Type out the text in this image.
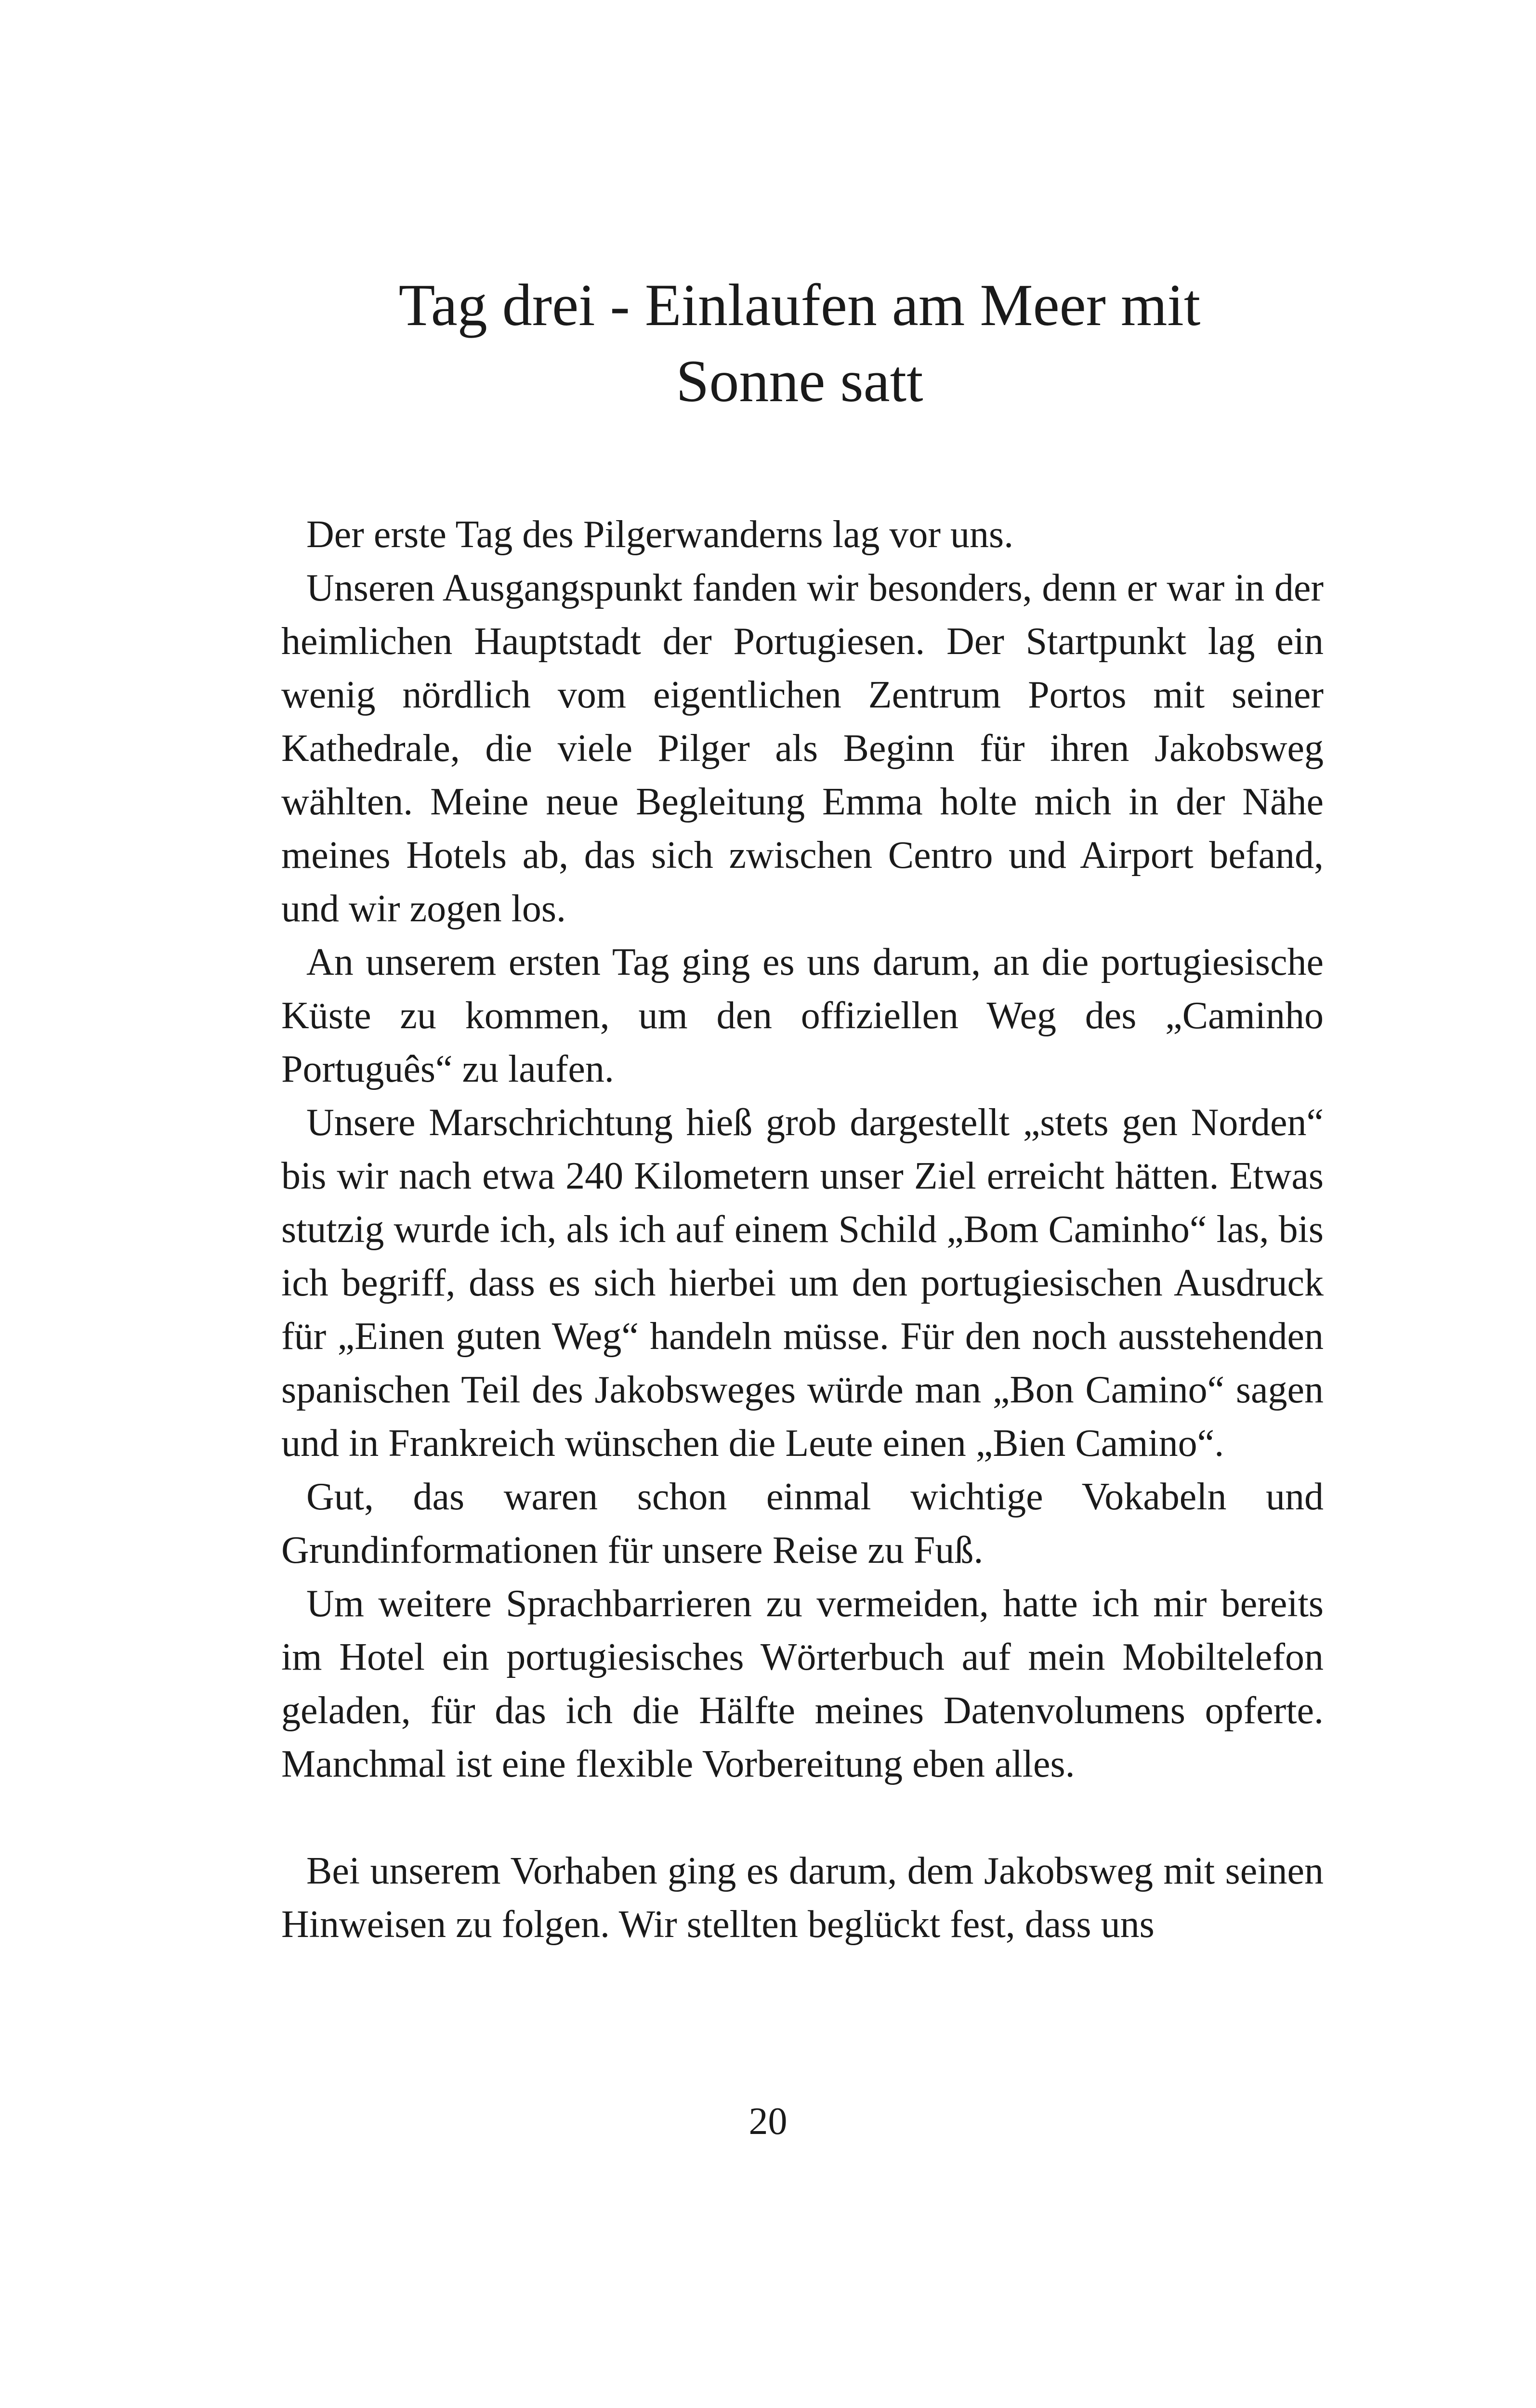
Tag drei - Einlaufen am Meer mit
Sonne satt

Der erste Tag des Pilgerwanderns lag vor uns.

Unseren Ausgangspunkt fanden wir besonders, denn er war in der heimlichen Hauptstadt der Portugiesen. Der Startpunkt lag ein wenig nördlich vom eigentlichen Zentrum Portos mit seiner Kathedrale, die viele Pilger als Beginn für ihren Jakobsweg wählten. Meine neue Begleitung Emma holte mich in der Nähe meines Hotels ab, das sich zwischen Centro und Airport befand, und wir zogen los.

An unserem ersten Tag ging es uns darum, an die portugiesische Küste zu kommen, um den offiziellen Weg des „Caminho Português“ zu laufen.

Unsere Marschrichtung hieß grob dargestellt „stets gen Norden“ bis wir nach etwa 240 Kilometern unser Ziel erreicht hätten. Etwas stutzig wurde ich, als ich auf einem Schild „Bom Caminho“ las, bis ich begriff, dass es sich hierbei um den portugiesischen Ausdruck für „Einen guten Weg“ handeln müsse. Für den noch ausstehenden spanischen Teil des Jakobsweges würde man „Bon Camino“ sagen und in Frankreich wünschen die Leute einen „Bien Camino“.

Gut, das waren schon einmal wichtige Vokabeln und Grundinformationen für unsere Reise zu Fuß.

Um weitere Sprachbarrieren zu vermeiden, hatte ich mir bereits im Hotel ein portugiesisches Wörterbuch auf mein Mobiltelefon geladen, für das ich die Hälfte meines Datenvolumens opferte. Manchmal ist eine flexible Vorbereitung eben alles.

Bei unserem Vorhaben ging es darum, dem Jakobsweg mit seinen Hinweisen zu folgen. Wir stellten beglückt fest, dass uns

20
